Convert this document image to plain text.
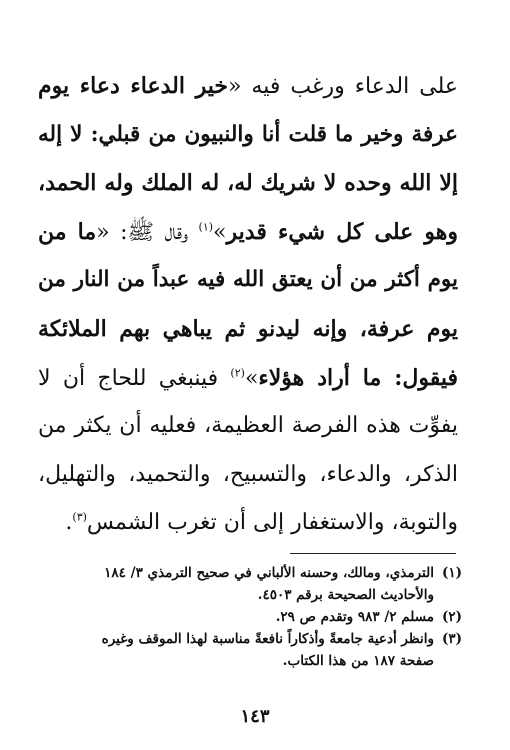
على الدعاء ورغب فيه «خير الدعاء دعاء يوم
عرفة وخير ما قلت أنا والنبيون من قبلي: لا إله
إلا الله وحده لا شريك له، له الملك وله الحمد،
وهو على كل شيء قدير»$^{(١)}$ وقال ﷺ: «ما من
يوم أكثر من أن يعتق الله فيه عبداً من النار من
يوم عرفة، وإنه ليدنو ثم يباهي بهم الملائكة
فيقول: ما أراد هؤلاء»$^{(٢)}$ فينبغي للحاج أن لا
يفوِّت هذه الفرصة العظيمة، فعليه أن يكثر من
الذكر، والدعاء، والتسبيح، والتحميد، والتهليل،
والتوبة، والاستغفار إلى أن تغرب الشمس$^{(٣)}$.
(١)الترمذي، ومالك، وحسنه الألباني في صحيح الترمذي ٣/ ١٨٤
والأحاديث الصحيحة برقم ٤٥٠٣.
(٢)مسلم ٢/ ٩٨٣ وتقدم ص ٢٩.
(٣)وانظر أدعية جامعةً وأذكاراً نافعةً مناسبة لهذا الموقف وغيره
صفحة ١٨٧ من هذا الكتاب.
١٤٣
